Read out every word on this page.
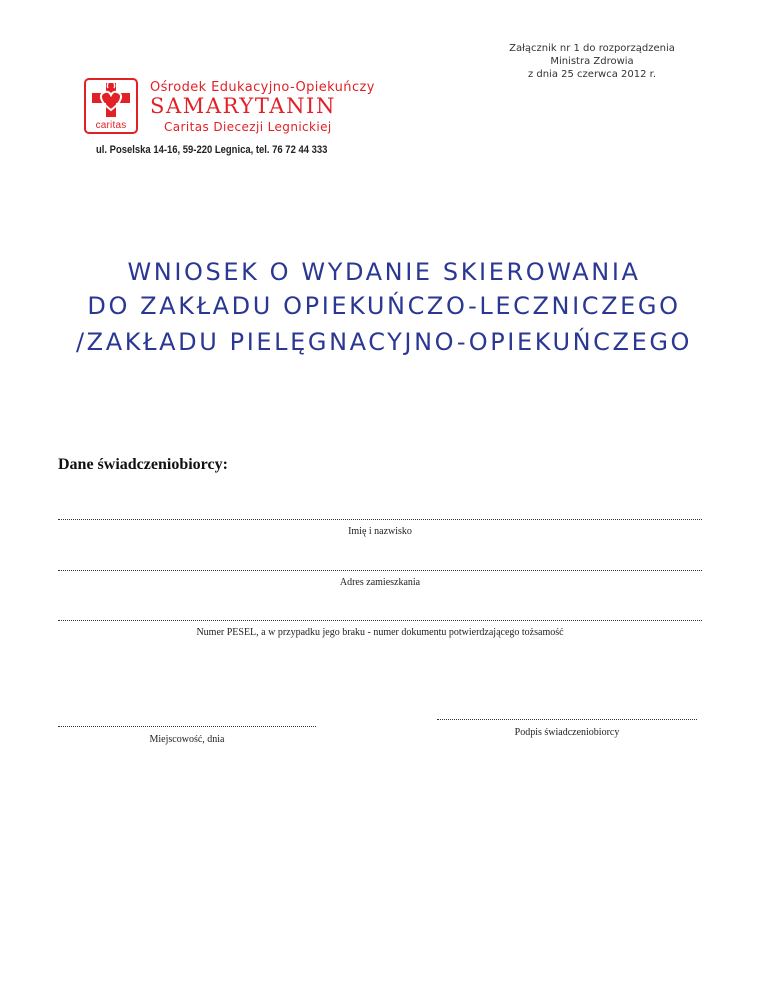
Załącznik nr 1 do rozporządzenia
Ministra Zdrowia
z dnia 25 czerwca 2012 r.
caritas
Ośrodek Edukacyjno-Opiekuńczy
SAMARYTANIN
Caritas Diecezji Legnickiej
ul. Poselska 14-16, 59-220 Legnica, tel. 76 72 44 333
WNIOSEK O WYDANIE SKIEROWANIA
DO ZAKŁADU OPIEKUŃCZO-LECZNICZEGO
/ZAKŁADU PIELĘGNACYJNO-OPIEKUŃCZEGO
Dane świadczeniobiorcy:
Imię i nazwisko
Adres zamieszkania
Numer PESEL, a w przypadku jego braku - numer dokumentu potwierdzającego tożsamość
Miejscowość, dnia
Podpis świadczeniobiorcy
